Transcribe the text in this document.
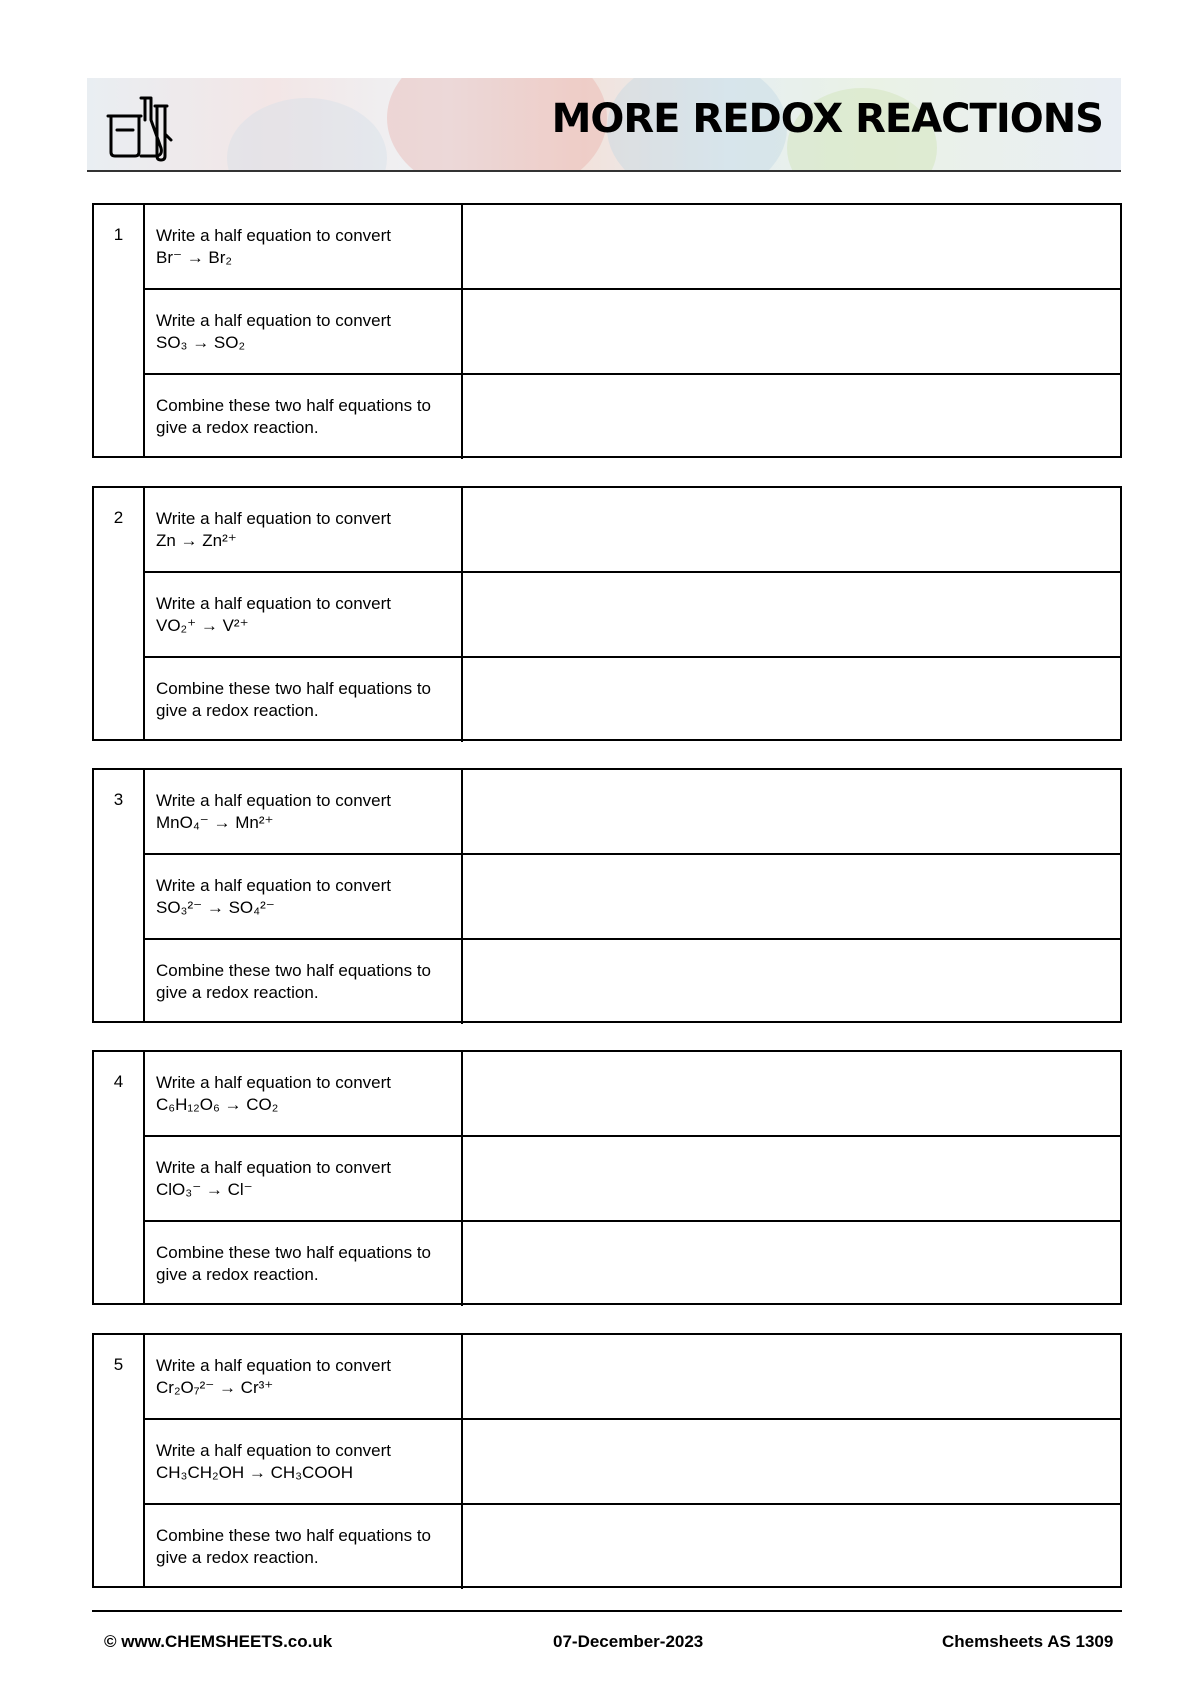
MORE REDOX REACTIONS
1	Write a half equation to convert
Br⁻ → Br₂
Write a half equation to convert
SO₃ → SO₂
Combine these two half equations to
give a redox reaction.
2	Write a half equation to convert
Zn → Zn²⁺
Write a half equation to convert
VO₂⁺ → V²⁺
Combine these two half equations to
give a redox reaction.
3	Write a half equation to convert
MnO₄⁻ → Mn²⁺
Write a half equation to convert
SO₃²⁻ → SO₄²⁻
Combine these two half equations to
give a redox reaction.
4	Write a half equation to convert
C₆H₁₂O₆ → CO₂
Write a half equation to convert
ClO₃⁻ → Cl⁻
Combine these two half equations to
give a redox reaction.
5	Write a half equation to convert
Cr₂O₇²⁻ → Cr³⁺
Write a half equation to convert
CH₃CH₂OH → CH₃COOH
Combine these two half equations to
give a redox reaction.
© www.CHEMSHEETS.co.uk	07-December-2023	Chemsheets AS 1309
